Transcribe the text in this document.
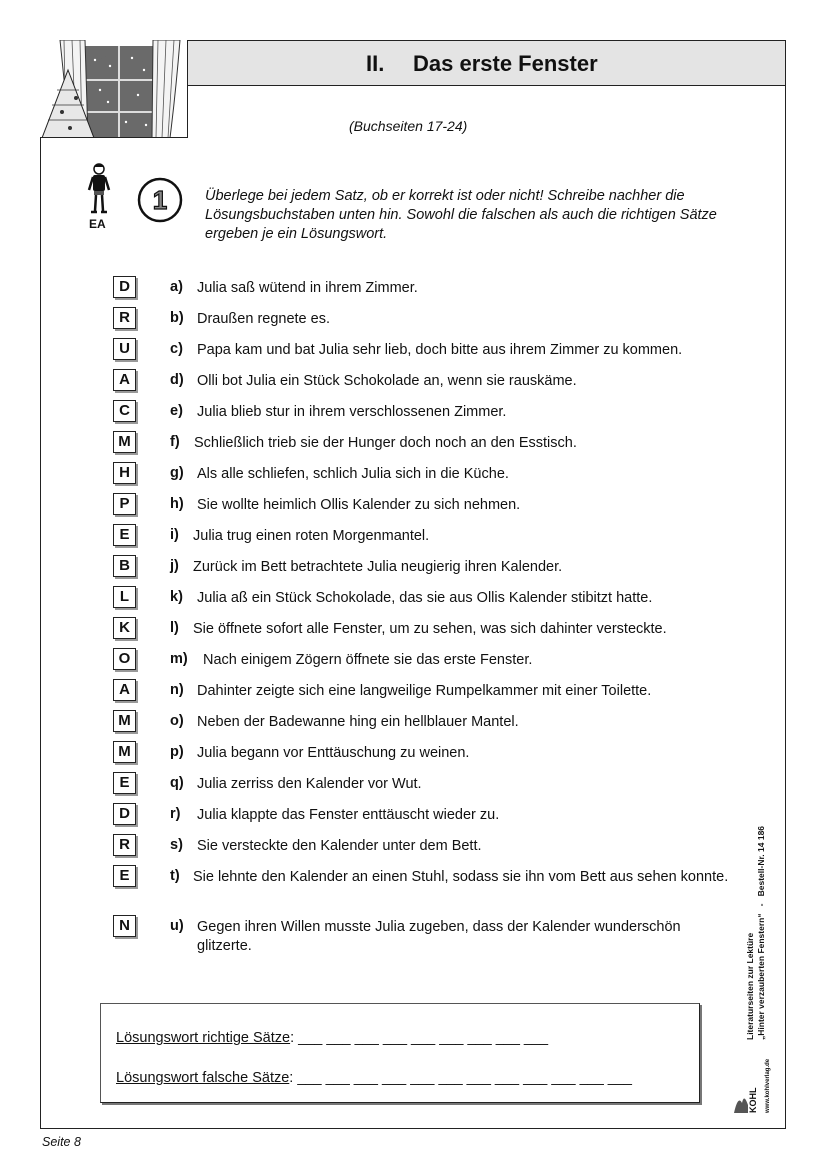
II. Das erste Fenster
(Buchseiten 17-24)
EA
1	Überlege bei jedem Satz, ob er korrekt ist oder nicht! Schreibe nachher die Lösungsbuchstaben unten hin. Sowohl die falschen als auch die richtigen Sätze ergeben je ein Lösungswort.
D	a) Julia saß wütend in ihrem Zimmer.
R	b) Draußen regnete es.
U	c) Papa kam und bat Julia sehr lieb, doch bitte aus ihrem Zimmer zu kommen.
A	d) Olli bot Julia ein Stück Schokolade an, wenn sie rauskäme.
C	e) Julia blieb stur in ihrem verschlossenen Zimmer.
M	f) Schließlich trieb sie der Hunger doch noch an den Esstisch.
H	g) Als alle schliefen, schlich Julia sich in die Küche.
P	h) Sie wollte heimlich Ollis Kalender zu sich nehmen.
E	i) Julia trug einen roten Morgenmantel.
B	j) Zurück im Bett betrachtete Julia neugierig ihren Kalender.
L	k) Julia aß ein Stück Schokolade, das sie aus Ollis Kalender stibitzt hatte.
K	l) Sie öffnete sofort alle Fenster, um zu sehen, was sich dahinter versteckte.
O	m) Nach einigem Zögern öffnete sie das erste Fenster.
A	n) Dahinter zeigte sich eine langweilige Rumpelkammer mit einer Toilette.
M	o) Neben der Badewanne hing ein hellblauer Mantel.
M	p) Julia begann vor Enttäuschung zu weinen.
E	q) Julia zerriss den Kalender vor Wut.
D	r) Julia klappte das Fenster enttäuscht wieder zu.
R	s) Sie versteckte den Kalender unter dem Bett.
E	t) Sie lehnte den Kalender an einen Stuhl, sodass sie ihn vom Bett aus sehen konnte.
N	u) Gegen ihren Willen musste Julia zugeben, dass der Kalender wunderschön glitzerte.
Lösungswort richtige Sätze: ___ ___ ___ ___ ___ ___ ___ ___ ___
Lösungswort falsche Sätze: ___ ___ ___ ___ ___ ___ ___ ___ ___ ___ ___ ___
Literaturseiten zur Lektüre „Hinter verzauberten Fenstern“   -   Bestell-Nr. 14 186
KOHL www.kohlverlag.de
Seite 8
